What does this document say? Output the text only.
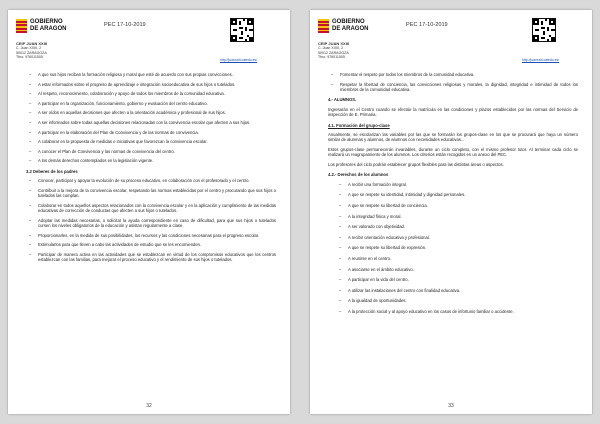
GOBIERNO
DE ARAGON
CEIP JUAN XXIII
C. Juan XXIII, 2
50012 ZARAGOZA
Tfno. 976011505
PEC 17-10-2019
http://juanxxiii.catedu.es/
– A que sus hijos reciban la formación religiosa y moral que esté de acuerdo con sus propias convicciones.
– A estar informados sobre el progreso de aprendizaje e integración socioeducativa de sus hijos o tutelados.
– Al respeto, reconocimiento, colaboración y apoyo de todos los miembros de la comunidad educativa.
– A participar en la organización, funcionamiento, gobierno y evaluación del centro educativo.
– A ser oídos en aquellas decisiones que afecten a la orientación académica y profesional de sus hijos.
– A ser informados sobre todas aquellas decisiones relacionadas con la convivencia escolar que afecten a sus hijos.
– A participar en la elaboración del Plan de Convivencia y de las normas de convivencia.
– A colaborar en la propuesta de medidas e iniciativas que favorezcan la convivencia escolar.
– A conocer el Plan de Convivencia y las normas de convivencia del centro.
– A los demás derechos contemplados en la legislación vigente.
3.2 Deberes de los padres
– Conocer, participar y apoyar la evolución de su proceso educativo, en colaboración con el profesorado y el centro.
– Contribuir a la mejora de la convivencia escolar, respetando las normas establecidas por el centro y procurando que sus hijos o tutelados las cumplan.
– Colaborar en todos aquellos aspectos relacionados con la convivencia escolar y en la aplicación y cumplimiento de las medidas educativas de corrección de conductas que afecten a sus hijos o tutelados.
– Adoptar las medidas necesarias, o solicitar la ayuda correspondiente en caso de dificultad, para que sus hijos o tutelados cursen los niveles obligatorios de la educación y asistan regularmente a clase.
– Proporcionarles, en la medida de sus posibilidades, los recursos y las condiciones necesarias para el progreso escolar.
– Estimularlos para que lleven a cabo las actividades de estudio que se les encomienden.
– Participar de manera activa en las actividades que se establezcan en virtud de los compromisos educativos que los centros establezcan con las familias, para mejorar el proceso educativo y el rendimiento de sus hijos o tutelados.
32
GOBIERNO
DE ARAGON
CEIP JUAN XXIII
C. Juan XXIII, 2
50012 ZARAGOZA
Tfno. 976011505
PEC 17-10-2019
http://juanxxiii.catedu.es/
– Fomentar el respeto por todos los miembros de la comunidad educativa.
– Respetar la libertad de conciencia, las convicciones religiosas y morales, la dignidad, integridad e intimidad de todos los miembros de la comunidad educativa.
4.- ALUMNOS.
Ingresarán en el Centro cuando se efectúe la matrícula en las condiciones y plazos establecidos por las normas del Servicio de inspección de E. Primaria.
4.1. Formación del grupo-clase
Anualmente, se escolarizan las variables por las que se formarán los grupos-clase en los que se procurará que haya un número similar de alumnas y alumnos, de alumnos con necesidades educativas...
Estos grupos-clase permanecerán invariables, durante un ciclo completo, con el mismo profesor tutor. Al terminar cada ciclo se realizará un reagrupamiento de los alumnos. Los criterios están recogidos en un anexo del PEC.
Los profesores del ciclo podrán establecer grupos flexibles para las distintas áreas o aspectos.
4.2.- Derechos de los alumnos
– A recibir una formación integral.
– A que se respete su identidad, intimidad y dignidad personales.
– A que se respete su libertad de conciencia.
– A la integridad física y moral.
– A ser valorado con objetividad.
– A recibir orientación educativa y profesional.
– A que se respete su libertad de expresión.
– A reunirse en el centro.
– A asociarse en el ámbito educativo.
– A participar en la vida del centro.
– A utilizar las instalaciones del centro con finalidad educativa.
– A la igualdad de oportunidades.
– A la protección social y al apoyo educativo en los casos de infortunio familiar o accidente.
33
